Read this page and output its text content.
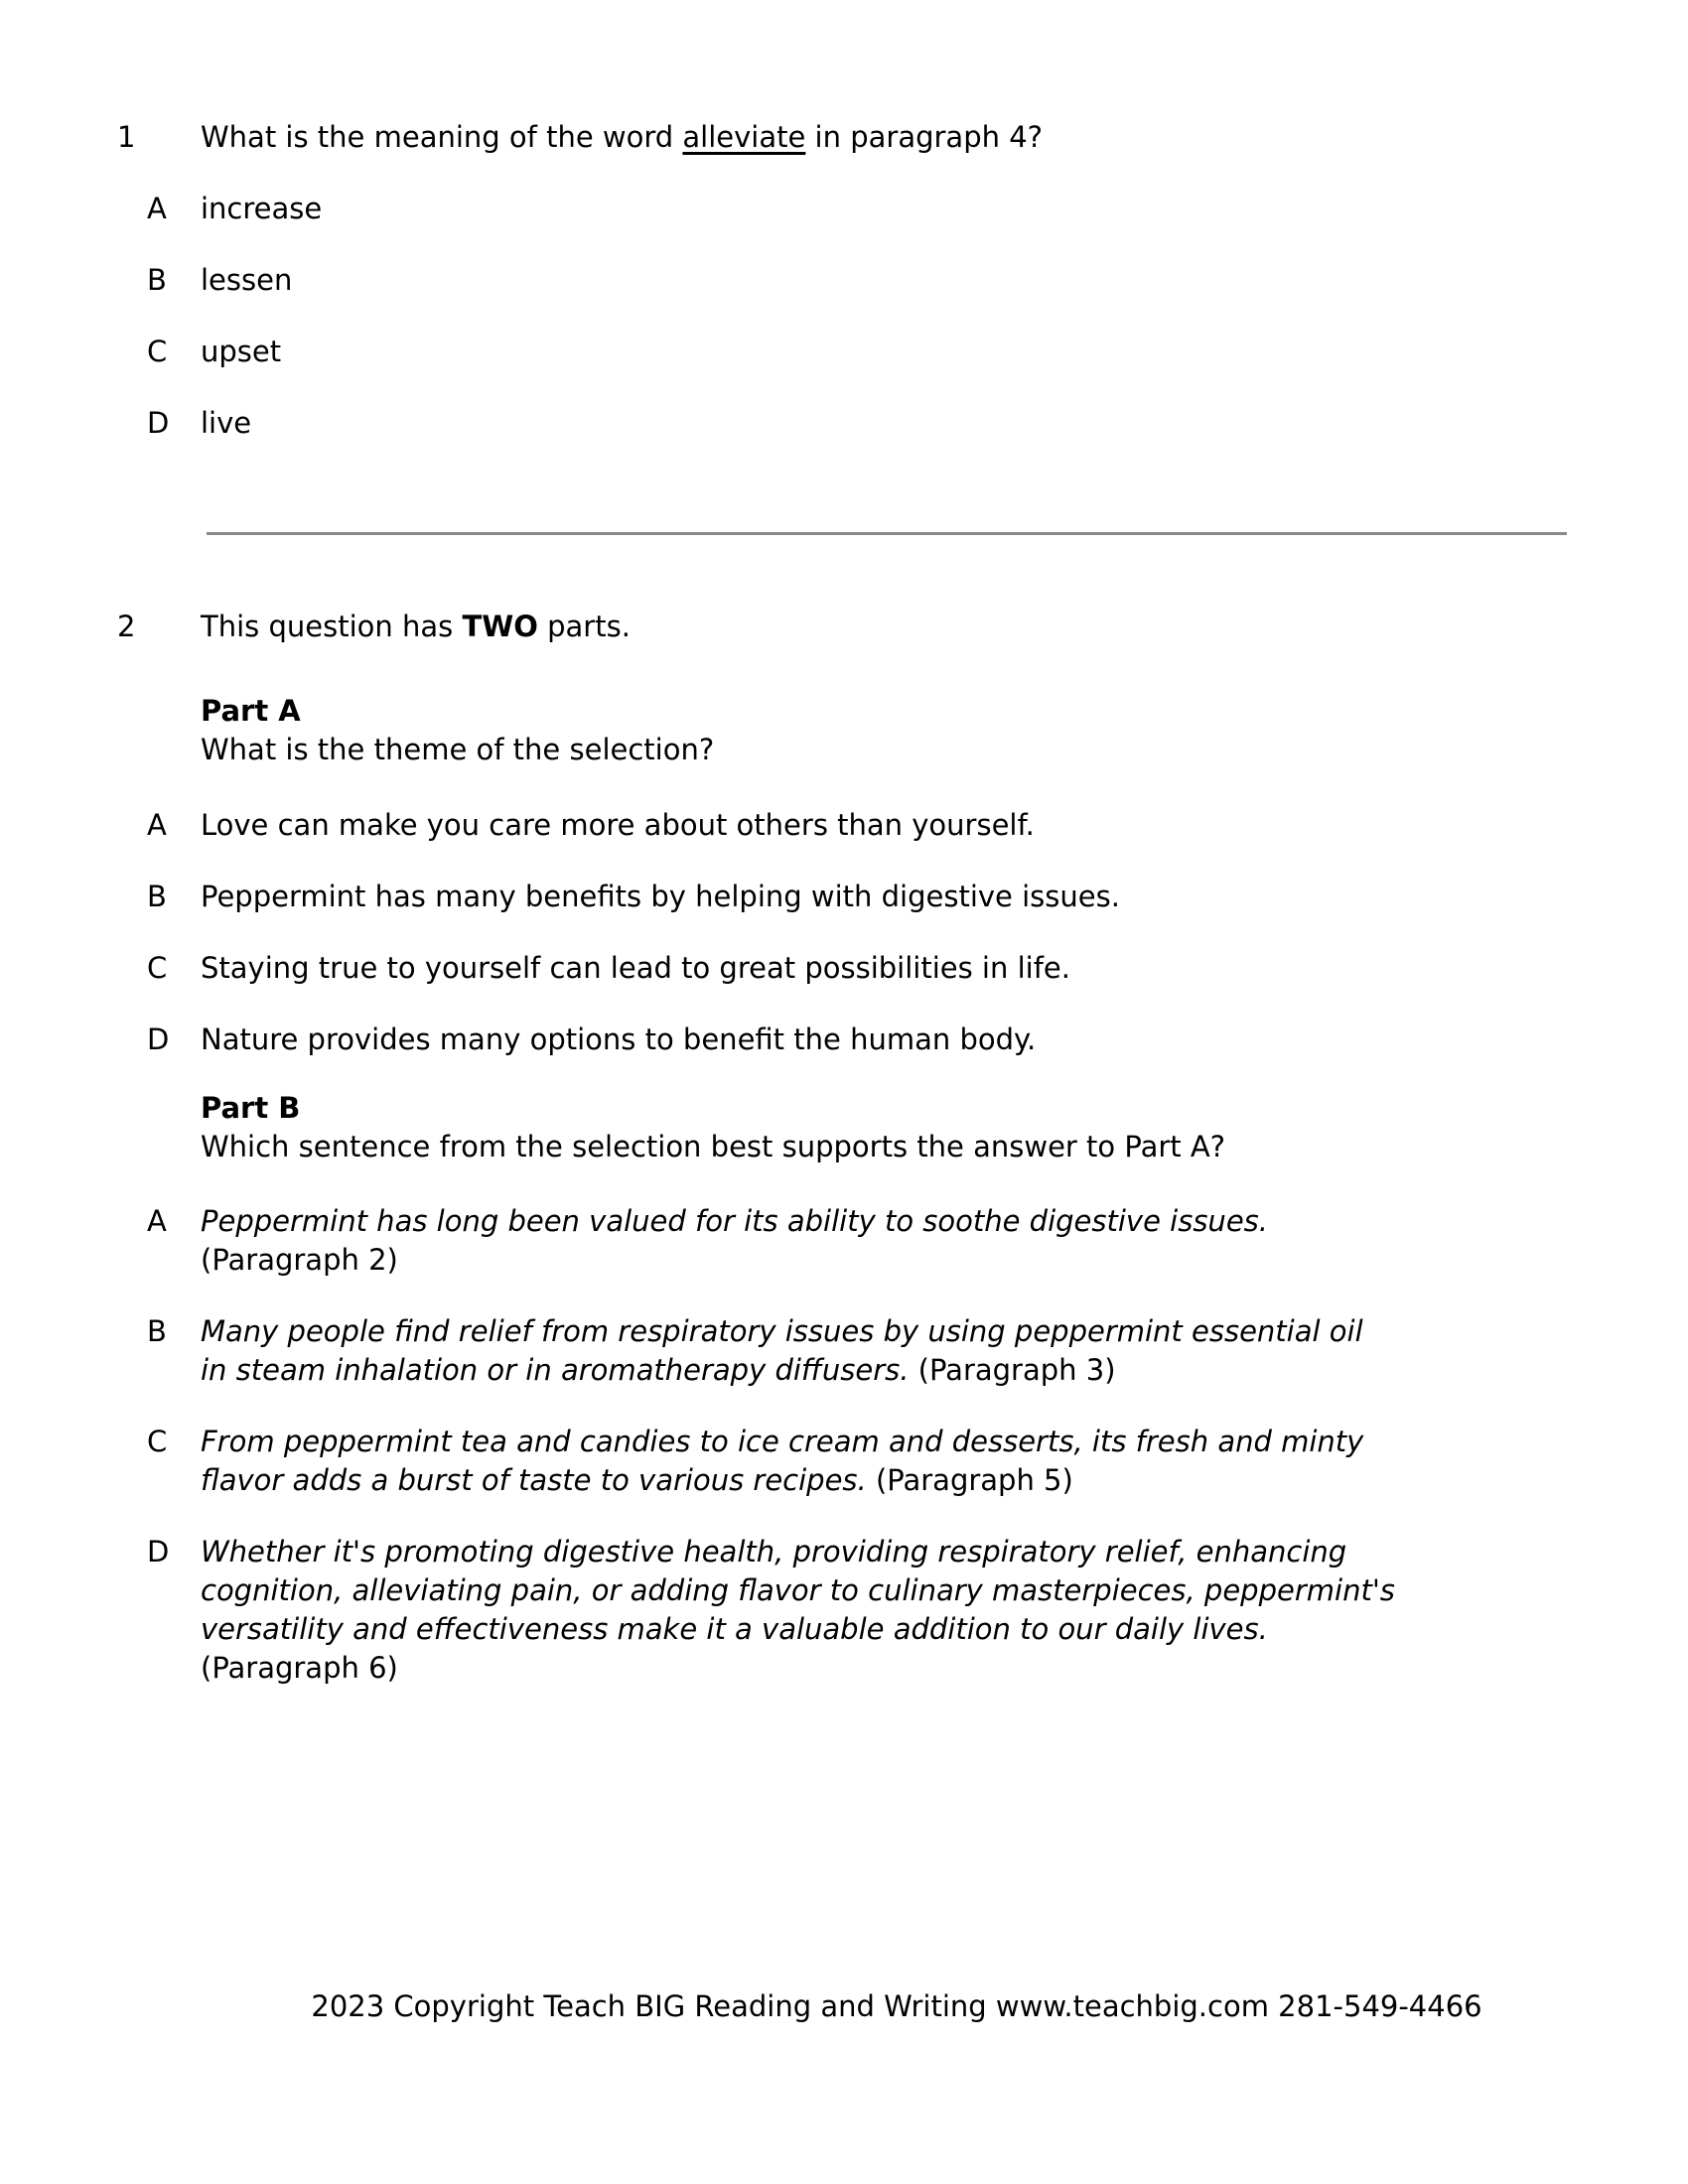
1	What is the meaning of the word alleviate in paragraph 4?
A	increase
B	lessen
C	upset
D	live
2	This question has TWO parts.
Part A
What is the theme of the selection?
A	Love can make you care more about others than yourself.
B	Peppermint has many benefits by helping with digestive issues.
C	Staying true to yourself can lead to great possibilities in life.
D	Nature provides many options to benefit the human body.
Part B
Which sentence from the selection best supports the answer to Part A?
A	Peppermint has long been valued for its ability to soothe digestive issues.
(Paragraph 2)
B	Many people find relief from respiratory issues by using peppermint essential oil
in steam inhalation or in aromatherapy diffusers. (Paragraph 3)
C	From peppermint tea and candies to ice cream and desserts, its fresh and minty
flavor adds a burst of taste to various recipes. (Paragraph 5)
D	Whether it's promoting digestive health, providing respiratory relief, enhancing
cognition, alleviating pain, or adding flavor to culinary masterpieces, peppermint's
versatility and effectiveness make it a valuable addition to our daily lives.
(Paragraph 6)
2023 Copyright Teach BIG Reading and Writing www.teachbig.com 281-549-4466
